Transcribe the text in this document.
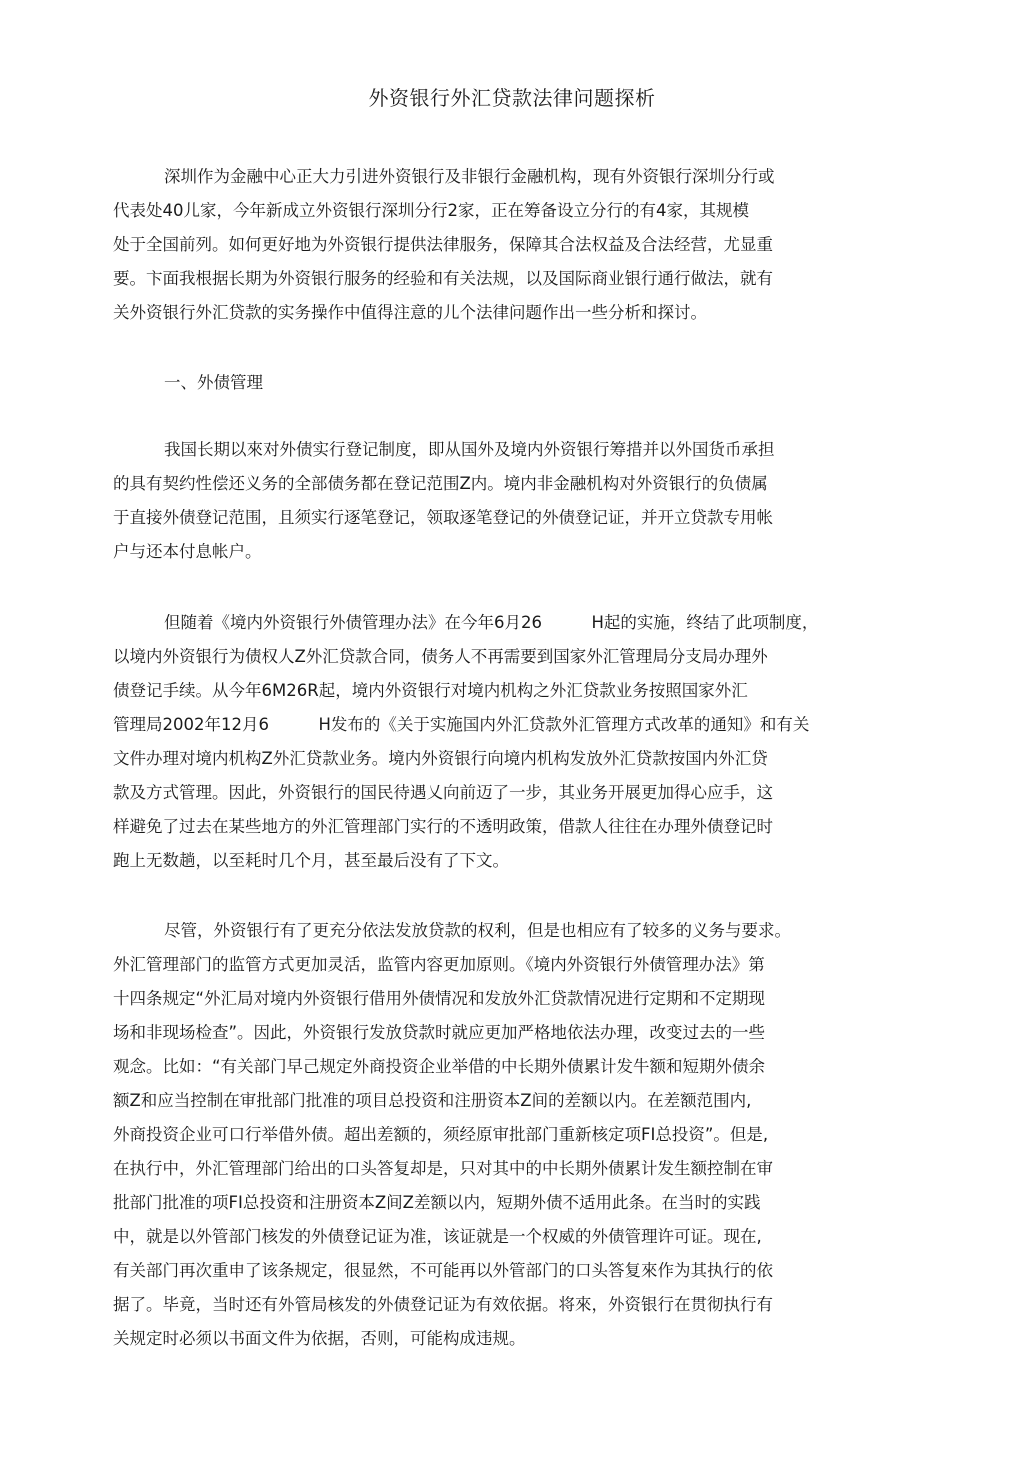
外资银行外汇贷款法律问题探析
深圳作为金融中心正大力引进外资银行及非银行金融机构，现有外资银行深圳分行或
代表处40儿家，今年新成立外资银行深圳分行2家，正在筹备设立分行的有4家，其规模
处于全国前列。如何更好地为外资银行提供法律服务，保障其合法权益及合法经营，尤显重
要。卞面我根据长期为外资银行服务的经验和有关法规，以及国际商业银行通行做法，就有
关外资银行外汇贷款的实务操作中值得注意的儿个法律问题作出一些分析和探讨。
一、外债管理
我国长期以來对外债实行登记制度，即从国外及境内外资银行筹措并以外国货币承担
的具有契约性偿还义务的全部债务都在登记范围Z内。境内非金融机构对外资银行的负债属
于直接外债登记范围，且须实行逐笔登记，领取逐笔登记的外债登记证，并开立贷款专用帐
户与还本付息帐户。
但随着《境内外资银行外债管理办法》在今年6月26　　　H起的实施，终结了此项制度，
以境内外资银行为债权人Z外汇贷款合同，债务人不再需要到国家外汇管理局分支局办理外
债登记手续。从今年6M26R起，境内外资银行对境内机构之外汇贷款业务按照国家外汇
管理局2002年12月6　　　H发布的《关于实施国内外汇贷款外汇管理方式改革的通知》和有关
文件办理对境内机构Z外汇贷款业务。境内外资银行向境内机构发放外汇贷款按国内外汇贷
款及方式管理。因此，外资银行的国民待遇乂向前迈了一步，其业务开展更加得心应手，这
样避免了过去在某些地方的外汇管理部门实行的不透明政策，借款人往往在办理外债登记时
跑上无数趟，以至耗时几个月，甚至最后没有了下文。
尽管，外资银行有了更充分依法发放贷款的权利，但是也相应有了较多的义务与要求。
外汇管理部门的监管方式更加灵活，监管内容更加原则。《境内外资银行外债管理办法》第
十四条规定“外汇局对境内外资银行借用外债情况和发放外汇贷款情况进行定期和不定期现
场和非现场检查”。因此，外资银行发放贷款时就应更加严格地依法办理，改变过去的一些
观念。比如：“有关部门早己规定外商投资企业举借的中长期外债累计发牛额和短期外债余
额Z和应当控制在审批部门批准的项目总投资和注册资本Z间的差额以内。在差额范围内,
外商投资企业可口行举借外债。超出差额的，须经原审批部门重新核定项FI总投资”。但是,
在执行中，外汇管理部门给出的口头答复却是，只对其中的中长期外债累计发生额控制在审
批部门批准的项FI总投资和注册资本Z间Z差额以内，短期外债不适用此条。在当时的实践
中，就是以外管部门核发的外债登记证为准，该证就是一个权威的外债管理许可证。现在,
有关部门再次重申了该条规定，很显然，不可能再以外管部门的口头答复來作为其执行的依
据了。毕竟，当时还有外管局核发的外债登记证为有效依据。将來，外资银行在贯彻执行有
关规定时必须以书面文件为依据，否则，可能构成违规。
